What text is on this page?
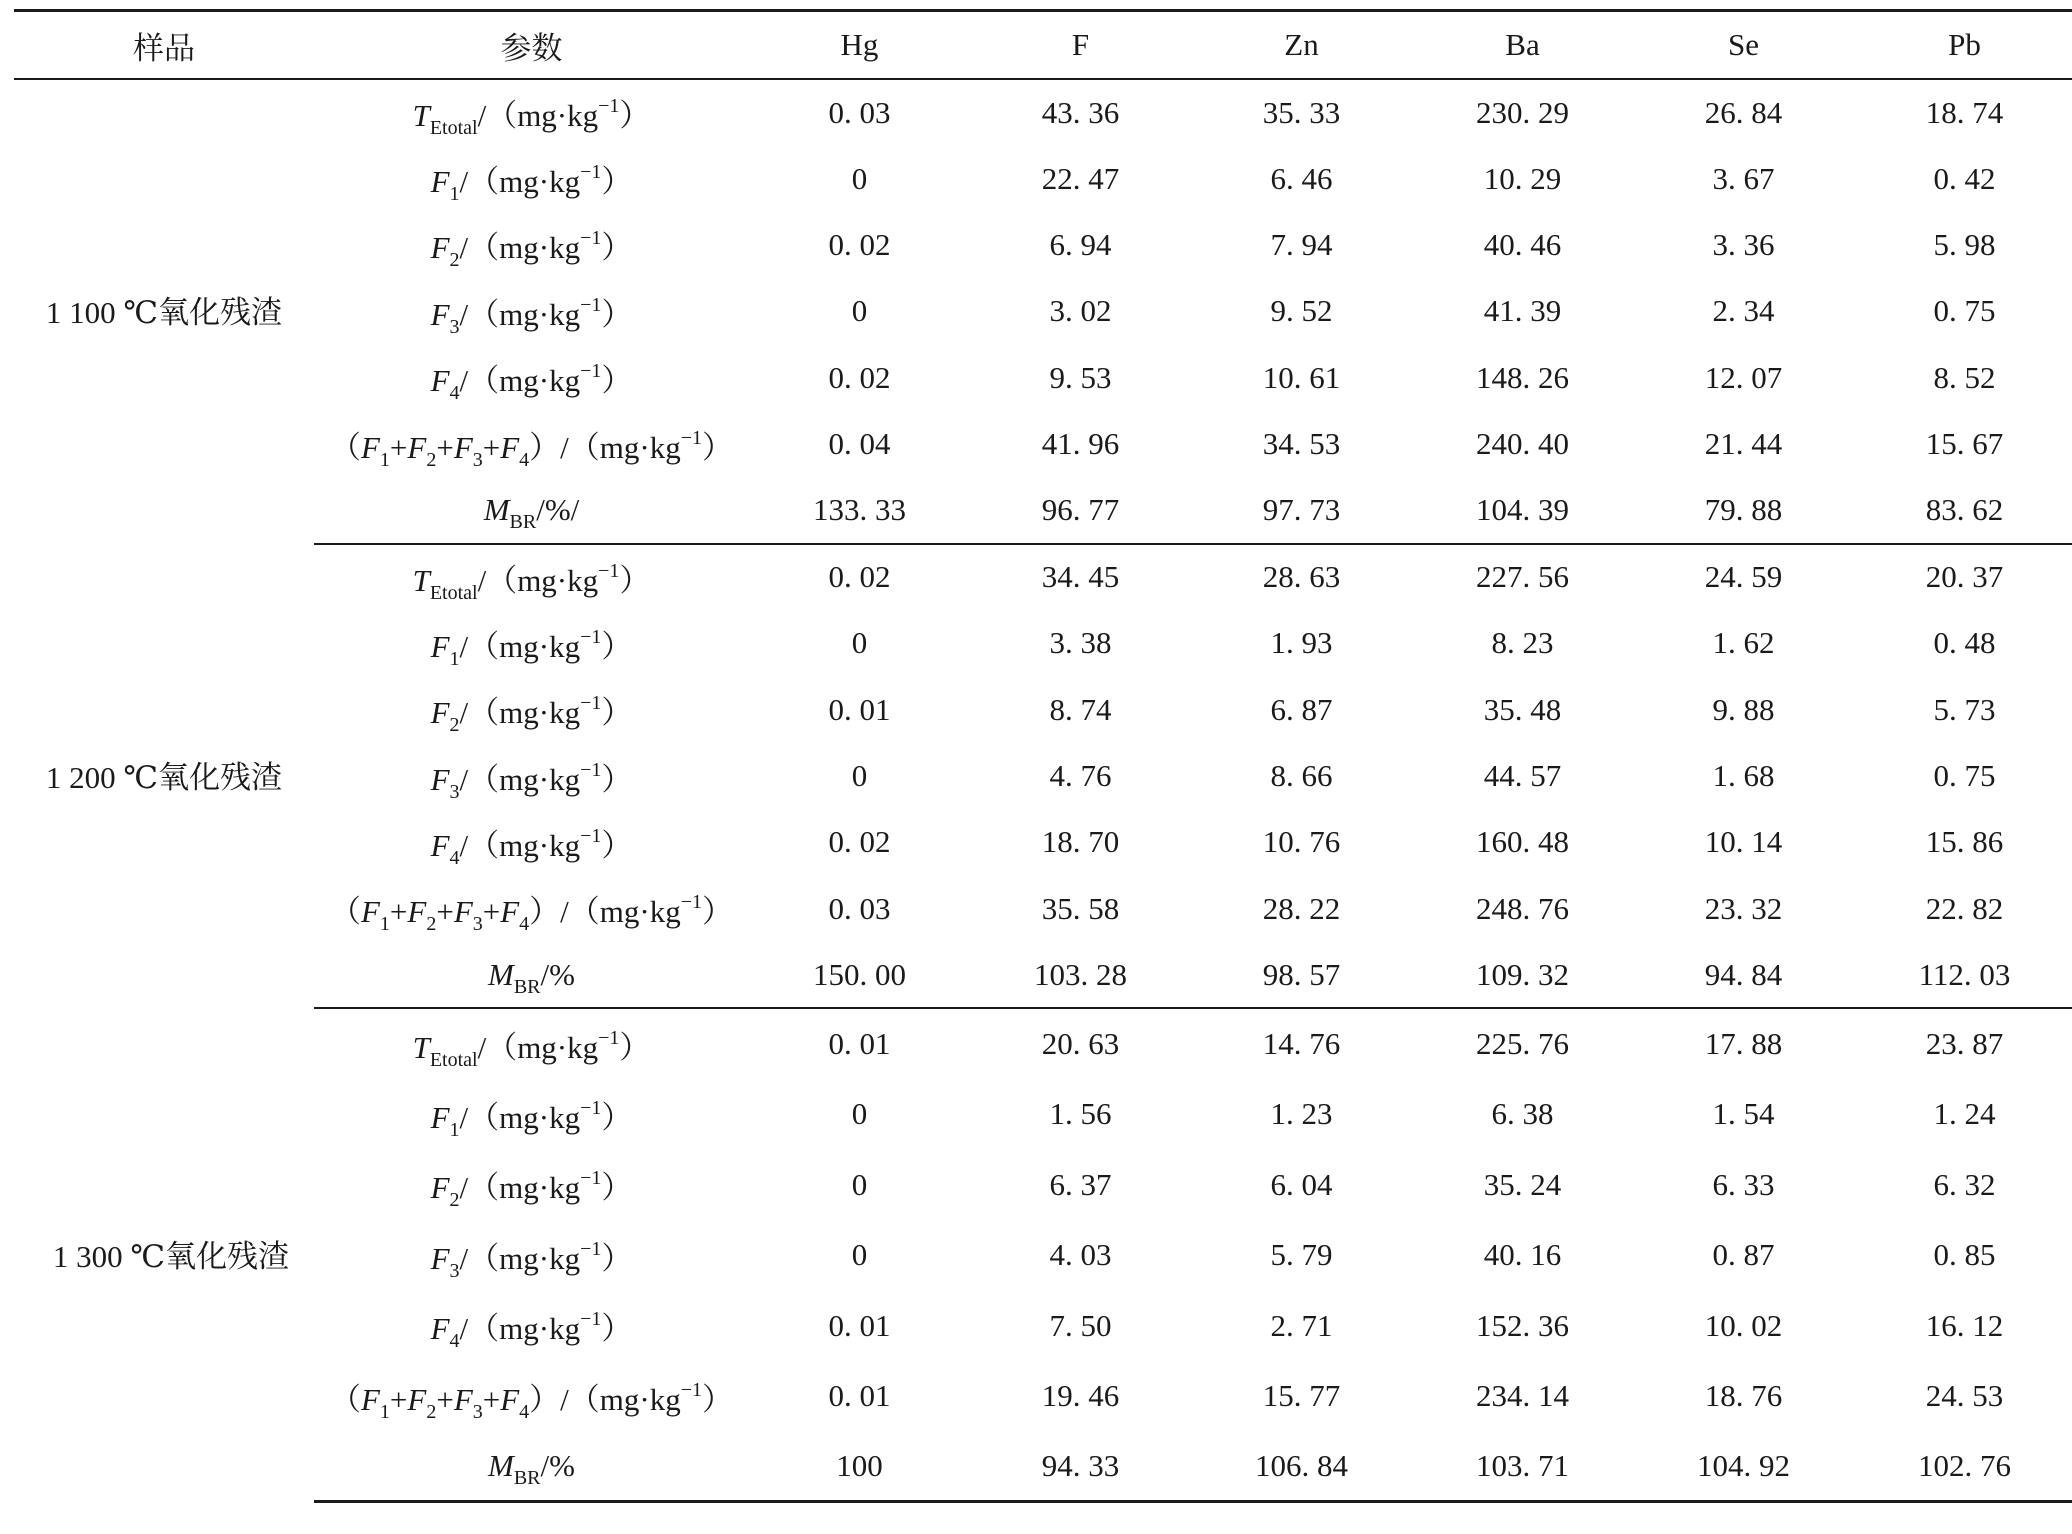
样品	参数	Hg	F	Zn	Ba	Se	Pb
1 100 ℃氧化残渣	$T_{Etotal}/(mg\cdot kg^{-1})$	0. 03	43. 36	35. 33	230. 29	26. 84	18. 74
	$F_1/(mg\cdot kg^{-1})$	0	22. 47	6. 46	10. 29	3. 67	0. 42
	$F_2/(mg\cdot kg^{-1})$	0. 02	6. 94	7. 94	40. 46	3. 36	5. 98
	$F_3/(mg\cdot kg^{-1})$	0	3. 02	9. 52	41. 39	2. 34	0. 75
	$F_4/(mg\cdot kg^{-1})$	0. 02	9. 53	10. 61	148. 26	12. 07	8. 52
	$(F_1+F_2+F_3+F_4)/(mg\cdot kg^{-1})$	0. 04	41. 96	34. 53	240. 40	21. 44	15. 67
	$M_{BR}/\%/$	133. 33	96. 77	97. 73	104. 39	79. 88	83. 62
1 200 ℃氧化残渣	$T_{Etotal}/(mg\cdot kg^{-1})$	0. 02	34. 45	28. 63	227. 56	24. 59	20. 37
	$F_1/(mg\cdot kg^{-1})$	0	3. 38	1. 93	8. 23	1. 62	0. 48
	$F_2/(mg\cdot kg^{-1})$	0. 01	8. 74	6. 87	35. 48	9. 88	5. 73
	$F_3/(mg\cdot kg^{-1})$	0	4. 76	8. 66	44. 57	1. 68	0. 75
	$F_4/(mg\cdot kg^{-1})$	0. 02	18. 70	10. 76	160. 48	10. 14	15. 86
	$(F_1+F_2+F_3+F_4)/(mg\cdot kg^{-1})$	0. 03	35. 58	28. 22	248. 76	23. 32	22. 82
	$M_{BR}/\%$	150. 00	103. 28	98. 57	109. 32	94. 84	112. 03
1 300 ℃氧化残渣	$T_{Etotal}/(mg\cdot kg^{-1})$	0. 01	20. 63	14. 76	225. 76	17. 88	23. 87
	$F_1/(mg\cdot kg^{-1})$	0	1. 56	1. 23	6. 38	1. 54	1. 24
	$F_2/(mg\cdot kg^{-1})$	0	6. 37	6. 04	35. 24	6. 33	6. 32
	$F_3/(mg\cdot kg^{-1})$	0	4. 03	5. 79	40. 16	0. 87	0. 85
	$F_4/(mg\cdot kg^{-1})$	0. 01	7. 50	2. 71	152. 36	10. 02	16. 12
	$(F_1+F_2+F_3+F_4)/(mg\cdot kg^{-1})$	0. 01	19. 46	15. 77	234. 14	18. 76	24. 53
	$M_{BR}/\%$	100	94. 33	106. 84	103. 71	104. 92	102. 76
